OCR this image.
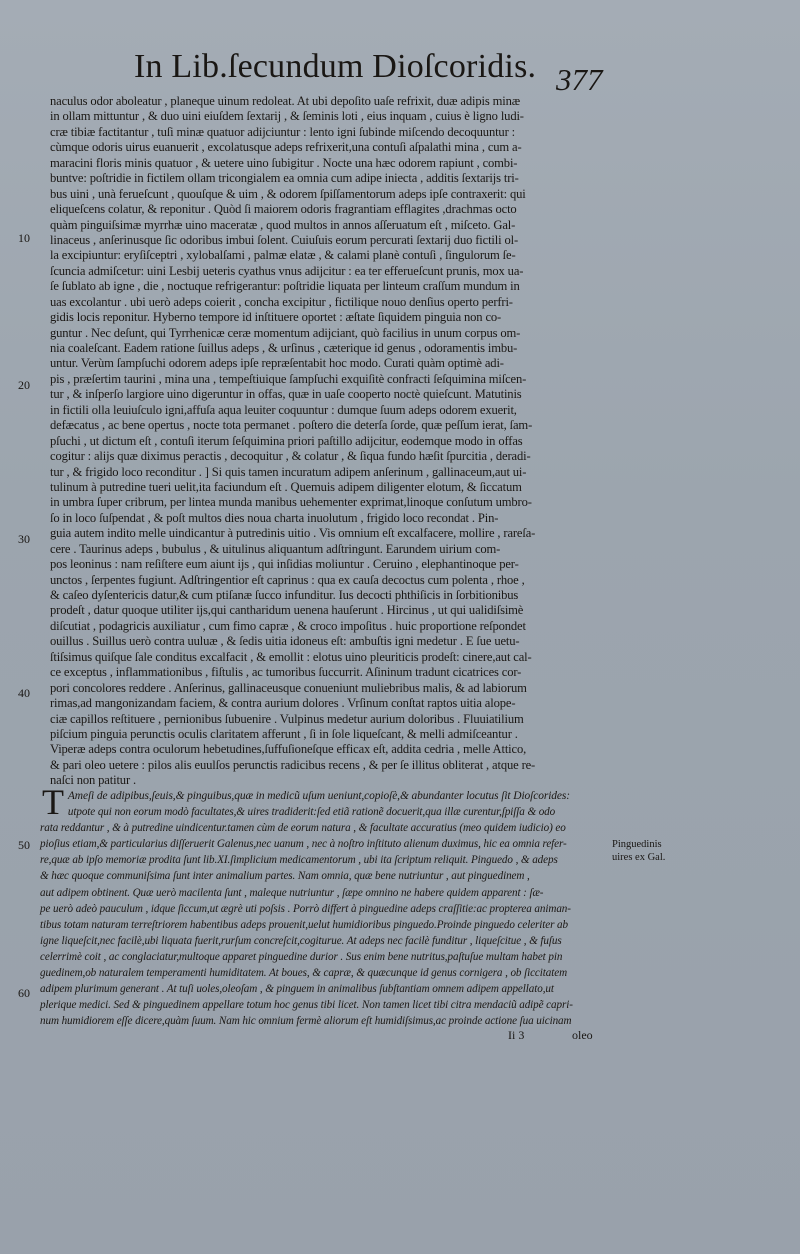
In Lib.ſecundum Dioſcoridis. 377
naculus odor aboleatur , planeque uinum redoleat. At ubi depoſito uaſe refrixit, duæ adipis minæ
in ollam mittuntur , & duo uini eiuſdem ſextarij , & ſeminis loti , eius inquam , cuius è ligno ludi-
cræ tibiæ factitantur , tuſi minæ quatuor adijciuntur : lento igni ſubinde miſcendo decoquuntur :
cùmque odoris uirus euanuerit , excolatusque adeps refrixerit,una contuſi aſpalathi mina , cum a-
maracini floris minis quatuor , & uetere uino ſubigitur . Nocte una hæc odorem rapiunt , combi-
buntve: poſtridie in fictilem ollam tricongialem ea omnia cum adipe iniecta , additis ſextarijs tri-
bus uini , unà ferueſcunt , quouſque & uim , & odorem ſpiſſamentorum adeps ipſe contraxerit: qui
eliqueſcens colatur, & reponitur . Quòd ſi maiorem odoris fragrantiam efflagites ,drachmas octo
quàm pinguiſsimæ myrrhæ uino maceratæ , quod multos in annos aſſeruatum eſt , miſceto. Gal-
linaceus , anſerinusque ſic odoribus imbui ſolent. Cuiuſuis eorum percurati ſextarij duo fictili ol-
la excipiuntur: eryſiſceptri , xylobalſami , palmæ elatæ , & calami planè contuſi , ſingulorum ſe-
ſcuncia admiſcetur: uini Lesbij ueteris cyathus vnus adijcitur : ea ter efferueſcunt prunis, mox ua-
ſe ſublato ab igne , die , noctuque refrigerantur: poſtridie liquata per linteum craſſum mundum in
uas excolantur . ubi uerò adeps coierit , concha excipitur , fictilique nouo denſius operto perfri-
gidis locis reponitur. Hyberno tempore id inſtituere oportet : æſtate ſiquidem pinguia non co-
guntur . Nec deſunt, qui Tyrrhenicæ ceræ momentum adijciant, quò facilius in unum corpus om-
nia coaleſcant. Eadem ratione ſuillus adeps , & urſinus , cæterique id genus , odoramentis imbu-
untur. Verùm ſampſuchi odorem adeps ipſe repræſentabit hoc modo. Curati quàm optimè adi-
pis , præſertim taurini , mina una , tempeſtiuique ſampſuchi exquiſitè confracti ſeſquimina miſcen-
tur , & inſperſo largiore uino digeruntur in offas, quæ in uaſe cooperto noctè quieſcunt. Matutinis
in fictili olla leuiuſculo igni,affuſa aqua leuiter coquuntur : dumque ſuum adeps odorem exuerit,
defæcatus , ac bene opertus , nocte tota permanet . poſtero die deterſa ſorde, quæ peſſum ierat, ſam-
pſuchi , ut dictum eſt , contuſi iterum ſeſquimina priori paſtillo adijcitur, eodemque modo in offas
cogitur : alijs quæ diximus peractis , decoquitur , & colatur , & ſiqua fundo hæſit ſpurcitia , deradi-
tur , & frigido loco reconditur . ] Si quis tamen incuratum adipem anſerinum , gallinaceum,aut ui-
tulinum à putredine tueri uelit,ita faciundum eſt . Quemuis adipem diligenter elotum, & ſiccatum
in umbra ſuper cribrum, per lintea munda manibus uehementer exprimat,linoque conſutum umbro-
ſo in loco ſuſpendat , & poſt multos dies noua charta inuolutum , frigido loco recondat . Pin-
guia autem indito melle uindicantur à putredinis uitio . Vis omnium eſt excalfacere, mollire , rareſa-
cere . Taurinus adeps , bubulus , & uitulinus aliquantum adſtringunt. Earundem uirium com-
pos leoninus : nam reſiſtere eum aiunt ijs , qui inſidias moliuntur . Ceruino , elephantinoque per-
unctos , ſerpentes fugiunt. Adſtringentior eſt caprinus : qua ex cauſa decoctus cum polenta , rhoe ,
& caſeo dyſentericis datur,& cum ptiſanæ ſucco infunditur. Ius decocti phthiſicis in ſorbitionibus
prodeſt , datur quoque utiliter ijs,qui cantharidum uenena hauſerunt . Hircinus , ut qui ualidiſsimè
diſcutiat , podagricis auxiliatur , cum fimo capræ , & croco impoſitus . huic proportione reſpondet
ouillus . Suillus uerò contra uuluæ , & ſedis uitia idoneus eſt: ambuſtis igni medetur . E ſue uetu-
ſtiſsimus quiſque ſale conditus excalfacit , & emollit : elotus uino pleuriticis prodeſt: cinere,aut cal-
ce exceptus , inflammationibus , fiſtulis , ac tumoribus ſuccurrit. Aſininum tradunt cicatrices cor-
pori concolores reddere . Anſerinus, gallinaceusque conueniunt muliebribus malis, & ad labiorum
rimas,ad mangonizandam faciem, & contra aurium dolores . Vrſinum conſtat raptos uitia alope-
ciæ capillos reſtituere , pernionibus ſubuenire . Vulpinus medetur aurium doloribus . Fluuiatilium
piſcium pinguia perunctis oculis claritatem afferunt , ſi in ſole liqueſcant, & melli admiſceantur .
Viperæ adeps contra oculorum hebetudines,ſuffuſioneſque efficax eſt, addita cedria , melle Attico,
& pari oleo uetere : pilos alis euulſos perunctis radicibus recens , & per ſe illitus obliterat , atque re-
naſci non patitur .
10
20
30
40
50
60
T Ameſi de adipibus,ſeuis,& pinguibus,quæ in medicũ uſum ueniunt,copioſè,& abundanter locutus ſit Dioſcorides:
utpote qui non eorum modò facultates,& uires tradiderit:ſed etiã rationẽ docuerit,qua illæ curentur,ſpiſſa & odo
rata reddantur , & à putredine uindicentur.tamen cùm de eorum natura , & facultate accuratius (meo quidem iudicio) eo
pioſius etiam,& particularius diſſeruerit Galenus,nec uanum , nec à noſtro inſtituto alienum duximus, hic ea omnia refer-
re,quæ ab ipſo memoriæ prodita ſunt lib.XI.ſimplicium medicamentorum , ubi ita ſcriptum reliquit. Pinguedo , & adeps
& hæc quoque communiſsima ſunt inter animalium partes. Nam omnia, quæ bene nutriuntur , aut pinguedinem ,
aut adipem obtinent. Quæ uerò macilenta ſunt , maleque nutriuntur , ſæpe omnino ne habere quidem apparent : ſæ-
pe uerò adeò pauculum , idque ſiccum,ut ægrè uti poſsis . Porrò differt à pinguedine adeps craſſitie:ac propterea animan-
tibus totam naturam terreſtriorem habentibus adeps prouenit,uelut humidioribus pinguedo.Proinde pinguedo celeriter ab
igne liqueſcit,nec facilè,ubi liquata fuerit,rurſum concreſcit,cogiturue. At adeps nec facilè funditur , liqueſcitue , & fuſus
celerrimè coit , ac conglaciatur,multoque apparet pinguedine durior . Sus enim bene nutritus,paſtuſue multam habet pin
guedinem,ob naturalem temperamenti humiditatem. At boues, & capræ, & quæcunque id genus cornigera , ob ſiccitatem
adipem plurimum generant . At tuſi uoles,oleoſam , & pinguem in animalibus ſubſtantiam omnem adipem appellato,ut
plerique medici. Sed & pinguedinem appellare totum hoc genus tibi licet. Non tamen licet tibi citra mendaciũ adipẽ capri-
num humidiorem eſſe dicere,quàm ſuum. Nam hic omnium fermè aliorum eſt humidiſsimus,ac proinde actione ſua uicinam
Pinguedinis
uires ex Gal.
Ii 3	oleo
